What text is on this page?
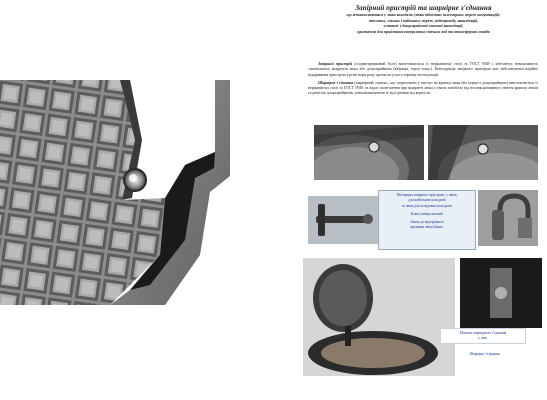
Запірний пристрій та шарнірне з'єднання
що встановлюються у люки колодязів (люки підземних інженерних мереж комунікацій):
теплових, газових і кабельних мереж, водопроводу, каналізацій,
а також у дощоприймачі зливової каналізації,
призначені для приймання поверхневих стічних вод та атмосферних опадів

Запірний пристрій (зсіднитирниковий болт) виготовляється із нержавіючої сталі за ГОСТ 5949 і забезпечує неможливість самовільного відкриття люка або дощоприймача (вібрація, тертя тощо.). Конструкція запірного пристрою має забезпечувати надійне відкривання пристрою в різні пори року протягом усього терміну експлуатації.

Шарнірне з'єднання (шарнірний «замок», що запресовано у виступ на кришці люка або корпусі дощоприймача) виготовляється із нержавіючої сталі за ГОСТ 5949, та надає полегшення при відкритті люка а також запобігає від несанкціонованого зняття кришок люків та решіток дощоприймачів, унеможливлюючи їх від'єднання від корпусів.

Місткання запірного пристрою, у люка,
для кабельних колодязів
та люка для оглядових колодязів.
Клюп універсальний.
Замок до внутрішньої
пружини люка Замок.
Монтаж шарнірного з'єднання
у люк.
Шарнірні з'єднання.
